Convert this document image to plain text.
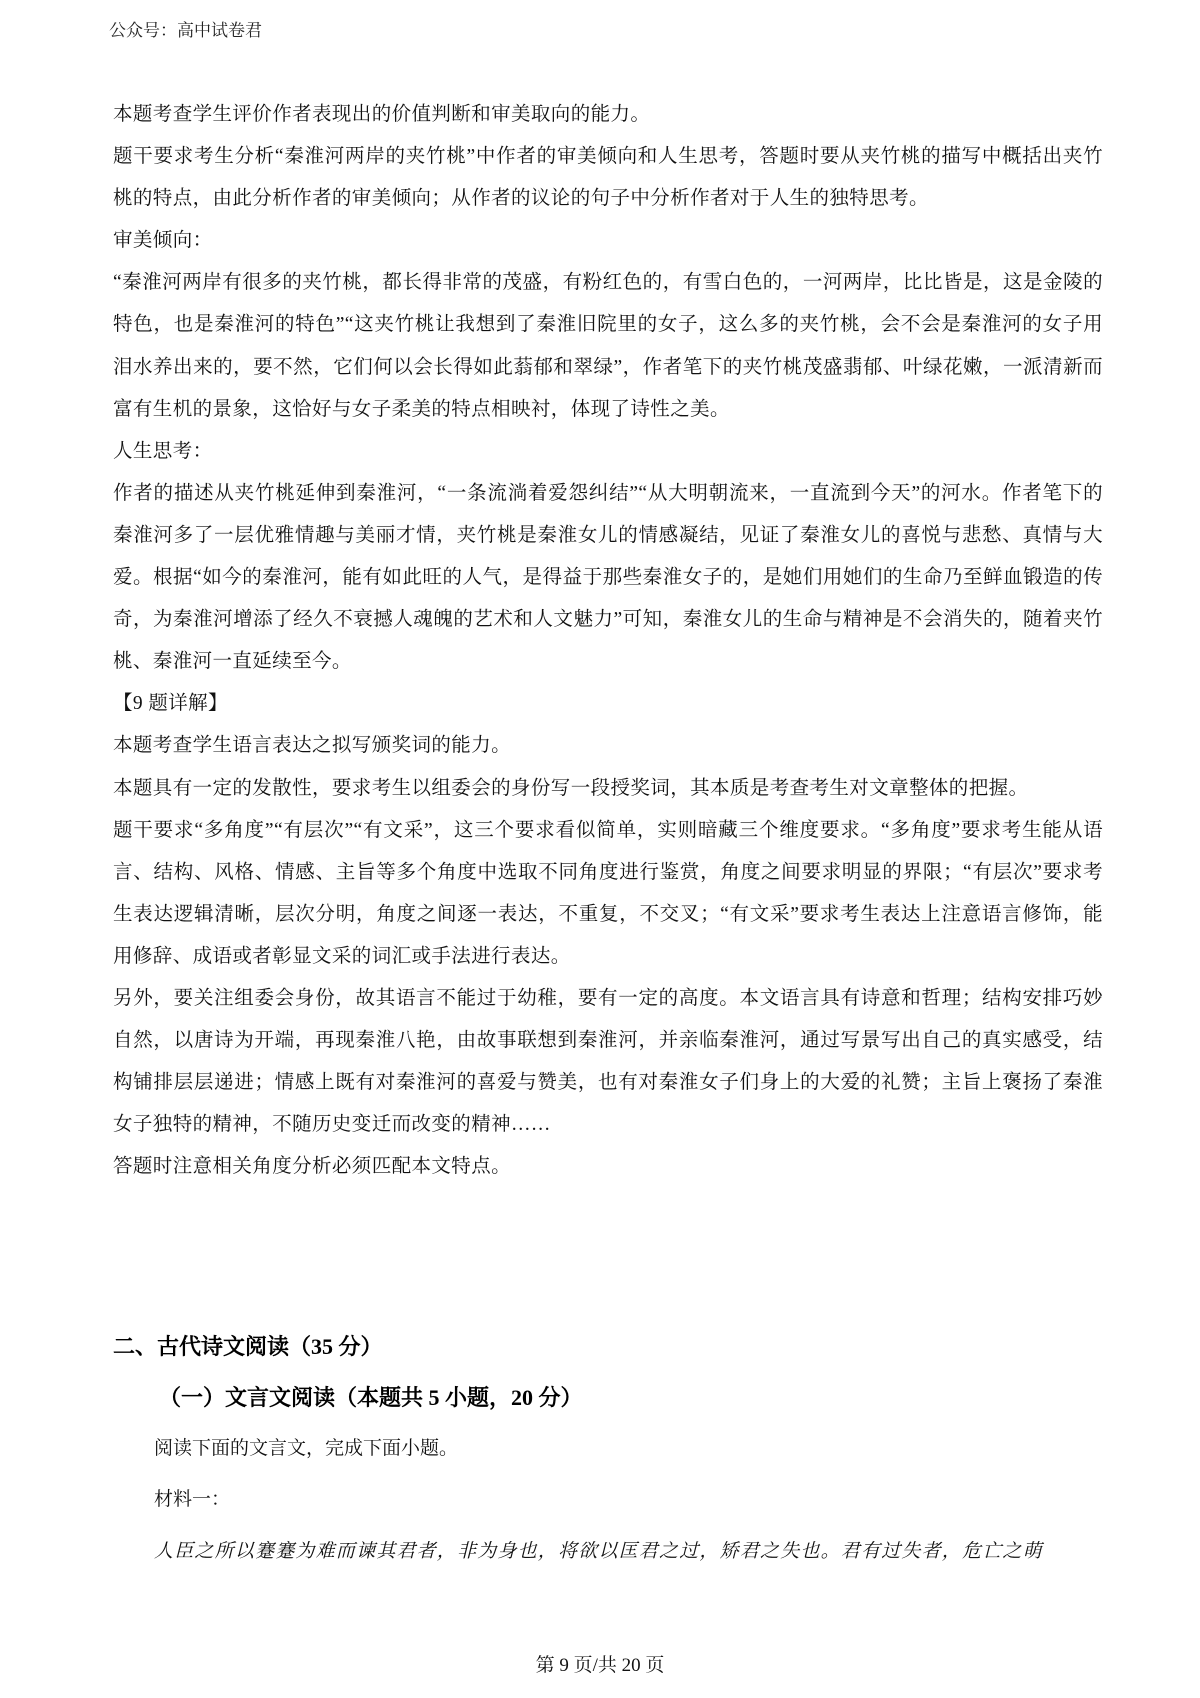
公众号：高中试卷君

本题考查学生评价作者表现出的价值判断和审美取向的能力。

题干要求考生分析“秦淮河两岸的夹竹桃”中作者的审美倾向和人生思考，答题时要从夹竹桃的描写中概括出夹竹桃的特点，由此分析作者的审美倾向；从作者的议论的句子中分析作者对于人生的独特思考。

审美倾向：

“秦淮河两岸有很多的夹竹桃，都长得非常的茂盛，有粉红色的，有雪白色的，一河两岸，比比皆是，这是金陵的特色，也是秦淮河的特色”“这夹竹桃让我想到了秦淮旧院里的女子，这么多的夹竹桃，会不会是秦淮河的女子用泪水养出来的，要不然，它们何以会长得如此蓊郁和翠绿”，作者笔下的夹竹桃茂盛翡郁、叶绿花嫩，一派清新而富有生机的景象，这恰好与女子柔美的特点相映衬，体现了诗性之美。

人生思考：

作者的描述从夹竹桃延伸到秦淮河，“一条流淌着爱怨纠结”“从大明朝流来，一直流到今天”的河水。作者笔下的秦淮河多了一层优雅情趣与美丽才情，夹竹桃是秦淮女儿的情感凝结，见证了秦淮女儿的喜悦与悲愁、真情与大爱。根据“如今的秦淮河，能有如此旺的人气，是得益于那些秦淮女子的，是她们用她们的生命乃至鲜血锻造的传奇，为秦淮河增添了经久不衰撼人魂魄的艺术和人文魅力”可知，秦淮女儿的生命与精神是不会消失的，随着夹竹桃、秦淮河一直延续至今。

【9 题详解】

本题考查学生语言表达之拟写颁奖词的能力。

本题具有一定的发散性，要求考生以组委会的身份写一段授奖词，其本质是考查考生对文章整体的把握。

题干要求“多角度”“有层次”“有文采”，这三个要求看似简单，实则暗藏三个维度要求。“多角度”要求考生能从语言、结构、风格、情感、主旨等多个角度中选取不同角度进行鉴赏，角度之间要求明显的界限；“有层次”要求考生表达逻辑清晰，层次分明，角度之间逐一表达，不重复，不交叉；“有文采”要求考生表达上注意语言修饰，能用修辞、成语或者彰显文采的词汇或手法进行表达。

另外，要关注组委会身份，故其语言不能过于幼稚，要有一定的高度。本文语言具有诗意和哲理；结构安排巧妙自然，以唐诗为开端，再现秦淮八艳，由故事联想到秦淮河，并亲临秦淮河，通过写景写出自己的真实感受，结构铺排层层递进；情感上既有对秦淮河的喜爱与赞美，也有对秦淮女子们身上的大爱的礼赞；主旨上褒扬了秦淮女子独特的精神，不随历史变迁而改变的精神……

答题时注意相关角度分析必须匹配本文特点。

二、古代诗文阅读（35 分）
（一）文言文阅读（本题共 5 小题，20 分）
阅读下面的文言文，完成下面小题。
材料一：
人臣之所以蹇蹇为难而谏其君者，非为身也，将欲以匡君之过，矫君之失也。君有过失者，危亡之萌
第 9 页/共 20 页
